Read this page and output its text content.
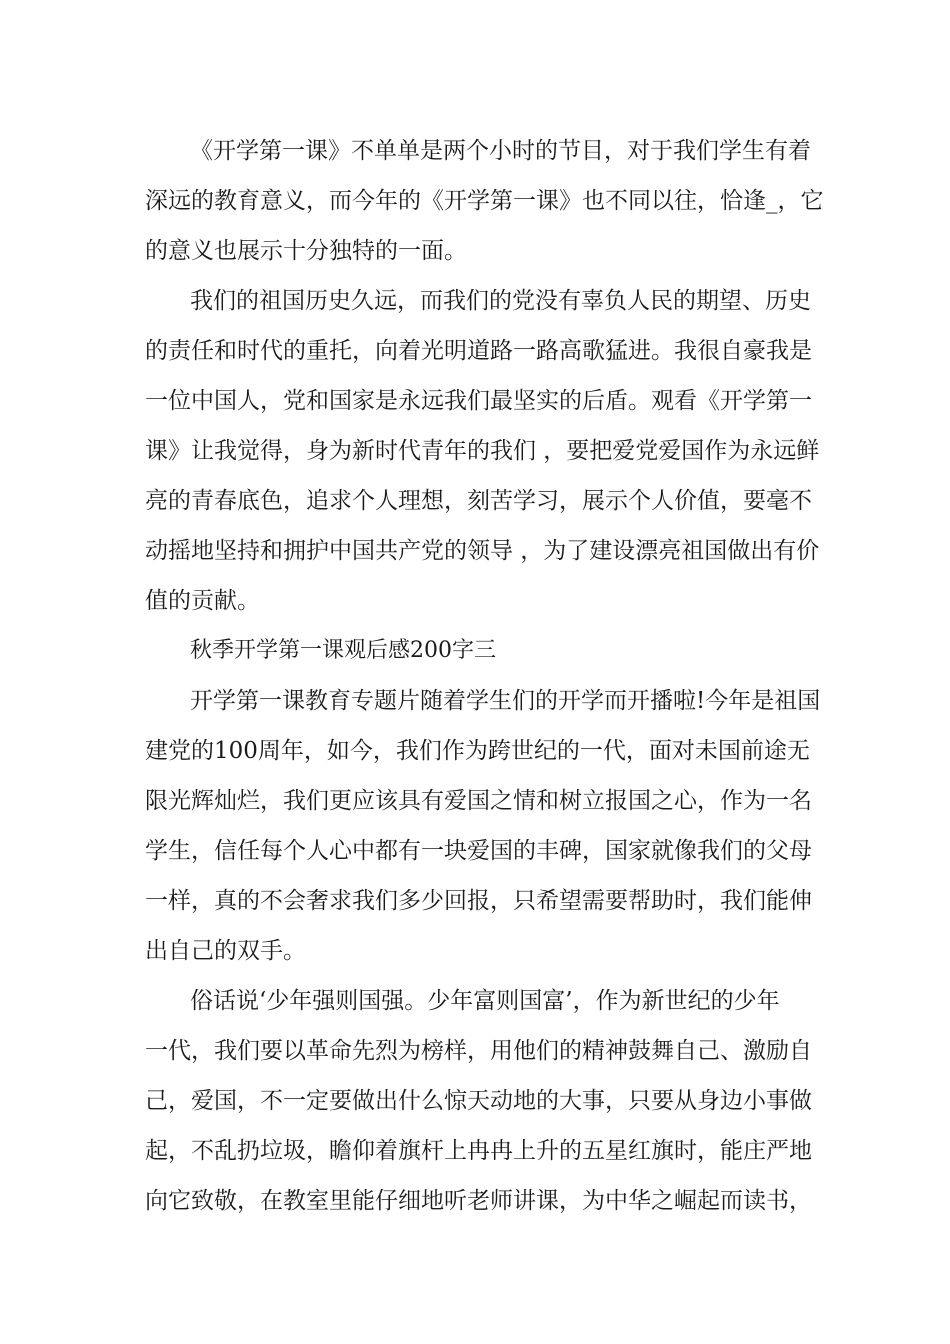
《开学第一课》不单单是两个小时的节目，对于我们学生有着
深远的教育意义，而今年的《开学第一课》也不同以往，恰逢_，它
的意义也展示十分独特的一面。
我们的祖国历史久远，而我们的党没有辜负人民的期望、历史
的责任和时代的重托，向着光明道路一路高歌猛进。我很自豪我是
一位中国人，党和国家是永远我们最坚实的后盾。观看《开学第一
课》让我觉得，身为新时代青年的我们 ，要把爱党爱国作为永远鲜
亮的青春底色，追求个人理想，刻苦学习，展示个人价值，要毫不
动摇地坚持和拥护中国共产党的领导 ，为了建设漂亮祖国做出有价
值的贡献。
秋季开学第一课观后感200字三
开学第一课教育专题片随着学生们的开学而开播啦!今年是祖国
建党的100周年，如今，我们作为跨世纪的一代，面对未国前途无
限光辉灿烂，我们更应该具有爱国之情和树立报国之心，作为一名
学生，信任每个人心中都有一块爱国的丰碑，国家就像我们的父母
一样，真的不会奢求我们多少回报，只希望需要帮助时，我们能伸
出自己的双手。
俗话说‘少年强则国强。少年富则国富’，作为新世纪的少年
一代，我们要以革命先烈为榜样，用他们的精神鼓舞自己、激励自
己，爱国，不一定要做出什么惊天动地的大事，只要从身边小事做
起，不乱扔垃圾，瞻仰着旗杆上冉冉上升的五星红旗时，能庄严地
向它致敬，在教室里能仔细地听老师讲课，为中华之崛起而读书，
